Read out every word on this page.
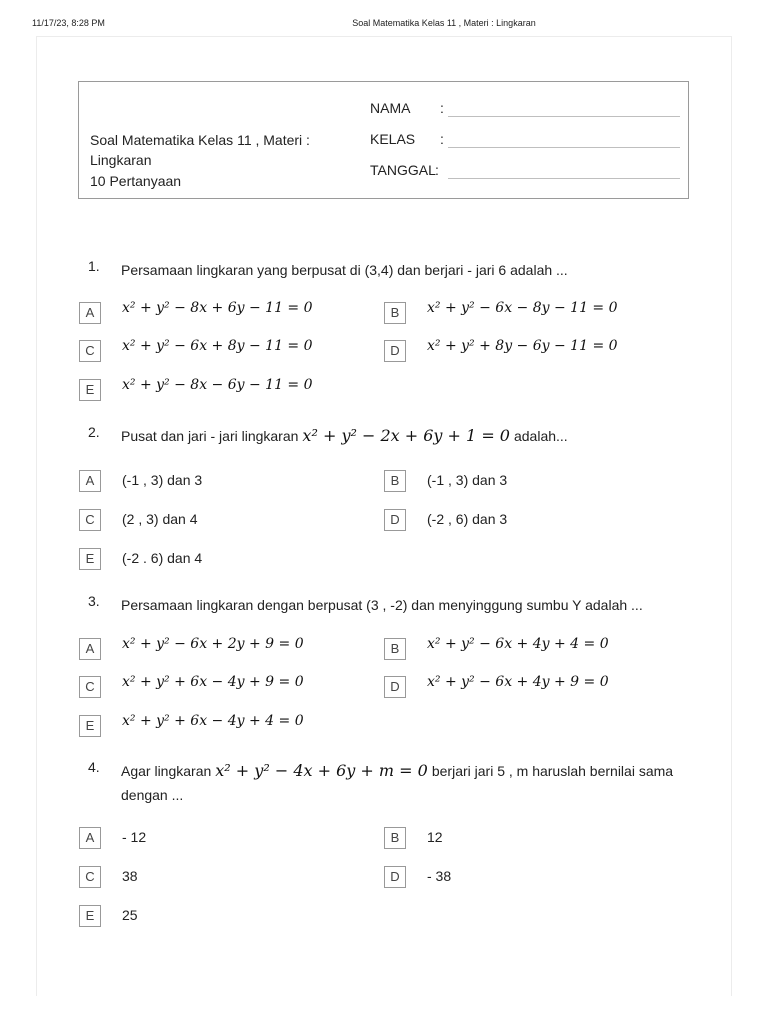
11/17/23, 8:28 PM	Soal Matematika Kelas 11 , Materi : Lingkaran
Soal Matematika Kelas 11 , Materi :
Lingkaran
10 Pertanyaan
NAMA :
KELAS :
TANGGAL :
1. Persamaan lingkaran yang berpusat di (3,4) dan berjari - jari 6 adalah ...
A	x² + y² − 8x + 6y − 11 = 0	B	x² + y² − 6x − 8y − 11 = 0
C	x² + y² − 6x + 8y − 11 = 0	D	x² + y² + 8y − 6y − 11 = 0
E	x² + y² − 8x − 6y − 11 = 0
2. Pusat dan jari - jari lingkaran x² + y² − 2x + 6y + 1 = 0 adalah...
A	(-1 , 3) dan 3	B	(-1 , 3) dan 3
C	(2 , 3) dan 4	D	(-2 , 6) dan 3
E	(-2 . 6) dan 4
3. Persamaan lingkaran dengan berpusat (3 , -2) dan menyinggung sumbu Y adalah ...
A	x² + y² − 6x + 2y + 9 = 0	B	x² + y² − 6x + 4y + 4 = 0
C	x² + y² + 6x − 4y + 9 = 0	D	x² + y² − 6x + 4y + 9 = 0
E	x² + y² + 6x − 4y + 4 = 0
4. Agar lingkaran x² + y² − 4x + 6y + m = 0 berjari jari 5 , m haruslah bernilai sama dengan ...
A	- 12	B	12
C	38	D	- 38
E	25
